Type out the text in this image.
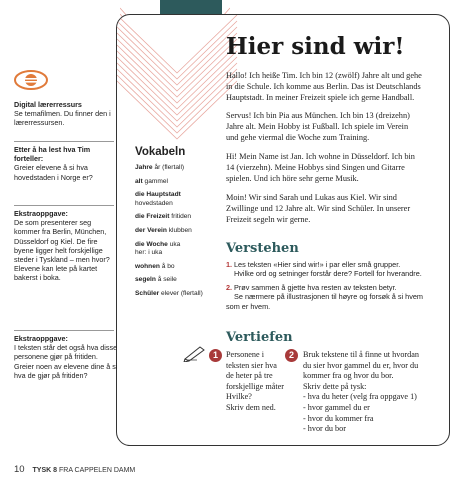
Digital lærerressurs
Se temafilmen. Du finner den i lærerressursen.
Etter å ha lest hva Tim forteller:
Greier elevene å si hva hovedstaden i Norge er?
Ekstraoppgave:
De som presenterer seg kommer fra Berlin, München, Düsseldorf og Kiel. De fire byene ligger helt forskjellige steder i Tyskland – men hvor? Elevene kan lete på kartet bakerst i boka.
Ekstraoppgave:
I teksten står det også hva disse personene gjør på fritiden. Greier noen av elevene dine å si hva de gjør på fritiden?
Vokabeln
Jahre år (flertall)
alt gammel
die Hauptstadt
hovedstaden
die Freizeit fritiden
der Verein klubben
die Woche uka
her: i uka
wohnen å bo
segeln å seile
Schüler elever (flertall)
Hier sind wir!
Hallo! Ich heiße Tim. Ich bin 12 (zwölf) Jahre alt und gehe in die Schule. Ich komme aus Berlin. Das ist Deutschlands Hauptstadt. In meiner Freizeit spiele ich gerne Handball.
Servus! Ich bin Pia aus München. Ich bin 13 (dreizehn) Jahre alt. Mein Hobby ist Fußball. Ich spiele im Verein und gehe viermal die Woche zum Training.
Hi! Mein Name ist Jan. Ich wohne in Düsseldorf. Ich bin 14 (vierzehn). Meine Hobbys sind Singen und Gitarre spielen. Und ich höre sehr gerne Musik.
Moin! Wir sind Sarah und Lukas aus Kiel. Wir sind Zwillinge und 12 Jahre alt. Wir sind Schüler. In unserer Freizeit segeln wir gerne.
Verstehen
1. Les teksten «Hier sind wir!» i par eller små grupper.
Hvilke ord og setninger forstår dere? Fortell for hverandre.
2. Prøv sammen å gjette hva resten av teksten betyr.
Se nærmere på illustrasjonen til høyre og forsøk å si hvem som er hvem.
Vertiefen
1 Personene i
teksten sier hva
de heter på tre
forskjellige måter
Hvilke?
Skriv dem ned.
2	Bruk tekstene til å finne ut hvordan
du sier hvor gammel du er, hvor du
kommer fra og hvor du bor.
Skriv dette på tysk:
- hva du heter (velg fra oppgave 1)
- hvor gammel du er
- hvor du kommer fra
- hvor du bor
10 TYSK 8 FRA CAPPELEN DAMM
